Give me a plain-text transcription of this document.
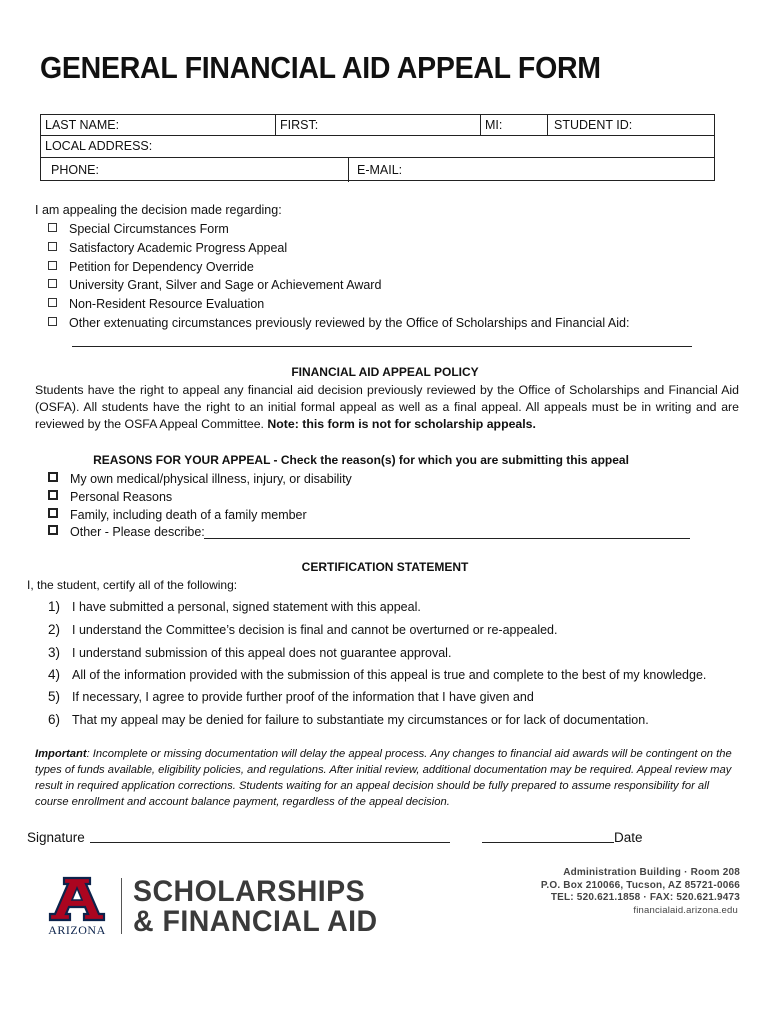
GENERAL FINANCIAL AID APPEAL FORM
LAST NAME:	FIRST:	MI:	STUDENT ID:
LOCAL ADDRESS:
PHONE:	E-MAIL:
I am appealing the decision made regarding:
Special Circumstances Form
Satisfactory Academic Progress Appeal
Petition for Dependency Override
University Grant, Silver and Sage or Achievement Award
Non-Resident Resource Evaluation
Other extenuating circumstances previously reviewed by the Office of Scholarships and Financial Aid:
FINANCIAL AID APPEAL POLICY
Students have the right to appeal any financial aid decision previously reviewed by the Office of Scholarships and Financial Aid (OSFA). All students have the right to an initial formal appeal as well as a final appeal. All appeals must be in writing and are reviewed by the OSFA Appeal Committee. Note: this form is not for scholarship appeals.
REASONS FOR YOUR APPEAL - Check the reason(s) for which you are submitting this appeal
My own medical/physical illness, injury, or disability
Personal Reasons
Family, including death of a family member
Other - Please describe:
CERTIFICATION STATEMENT
I, the student, certify all of the following:
1) I have submitted a personal, signed statement with this appeal.
2) I understand the Committee’s decision is final and cannot be overturned or re-appealed.
3) I understand submission of this appeal does not guarantee approval.
4) All of the information provided with the submission of this appeal is true and complete to the best of my knowledge.
5) If necessary, I agree to provide further proof of the information that I have given and
6) That my appeal may be denied for failure to substantiate my circumstances or for lack of documentation.
Important: Incomplete or missing documentation will delay the appeal process. Any changes to financial aid awards will be contingent on the types of funds available, eligibility policies, and regulations. After initial review, additional documentation may be required. Appeal review may result in required application corrections. Students waiting for an appeal decision should be fully prepared to assume responsibility for all course enrollment and account balance payment, regardless of the appeal decision.
Signature	Date
ARIZONA
SCHOLARSHIPS
& FINANCIAL AID
Administration Building · Room 208
P.O. Box 210066, Tucson, AZ 85721-0066
TEL: 520.621.1858 · FAX: 520.621.9473
financialaid.arizona.edu
